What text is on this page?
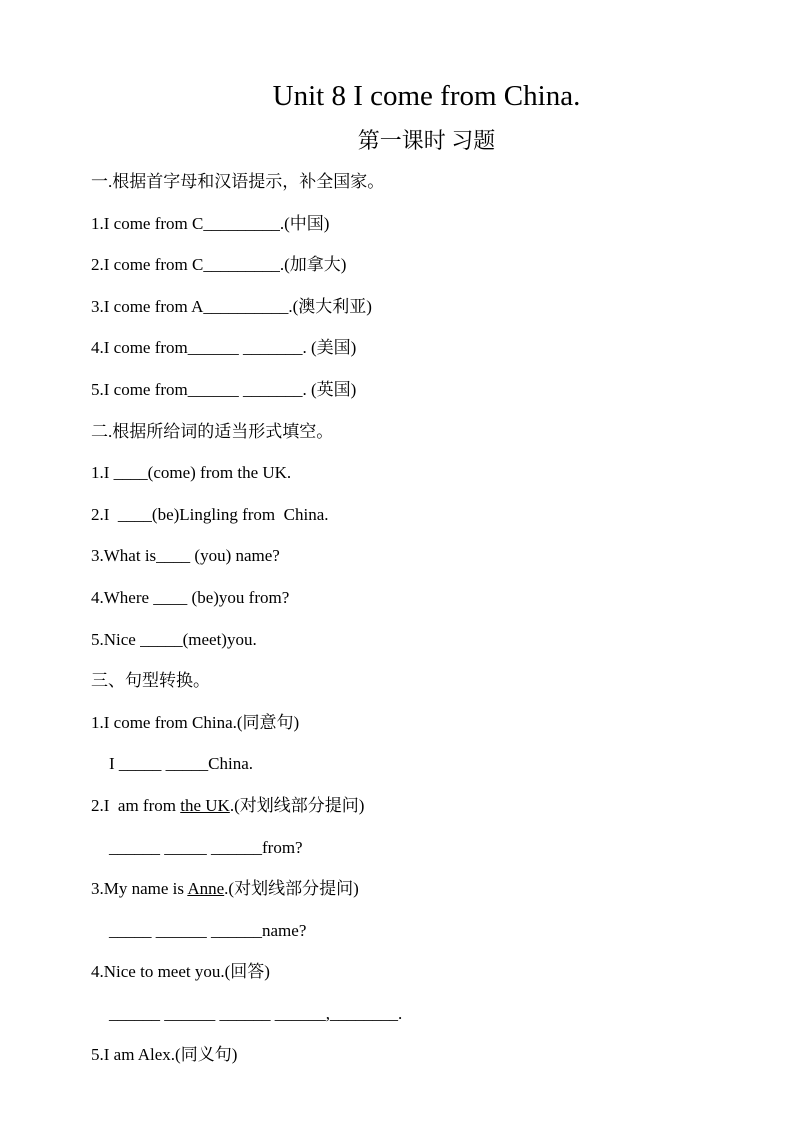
Unit 8 I come from China.
第一课时 习题
一.根据首字母和汉语提示，补全国家。
1.I come from C_________.(中国)
2.I come from C_________.(加拿大)
3.I come from A__________.(澳大利亚)
4.I come from______ _______. (美国)
5.I come from______ _______. (英国)
二.根据所给词的适当形式填空。
1.I ____(come) from the UK.
2.I  ____(be)Lingling from  China.
3.What is____ (you) name?
4.Where ____ (be)you from?
5.Nice _____(meet)you.
三、句型转换。
1.I come from China.(同意句)
I _____ _____China.
2.I  am from the UK.(对划线部分提问)
______ _____ ______from?
3.My name is Anne.(对划线部分提问)
_____ ______ ______name?
4.Nice to meet you.(回答)
______ ______ ______ ______,________.
5.I am Alex.(同义句)
